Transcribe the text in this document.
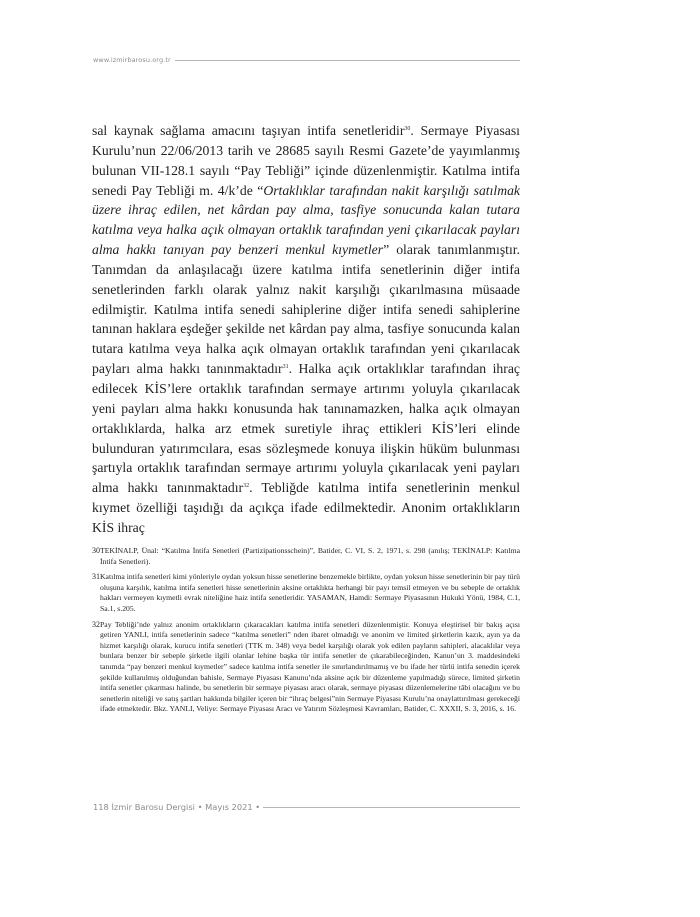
www.izmirbarosu.org.tr

sal kaynak sağlama amacını taşıyan intifa senetleridir$^{30}$. Sermaye Piyasası Kurulu’nun 22/06/2013 tarih ve 28685 sayılı Resmi Gazete’de yayımlanmış bulunan VII-128.1 sayılı “Pay Tebliği” içinde düzenlenmiştir. Katılma intifa senedi Pay Tebliği m. 4/k’de “Ortaklıklar tarafından nakit karşılığı satılmak üzere ihraç edilen, net kârdan pay alma, tasfiye sonucunda kalan tutara katılma veya halka açık olmayan ortaklık tarafından yeni çıkarılacak payları alma hakkı tanıyan pay benzeri menkul kıymetler” olarak tanımlanmıştır. Tanımdan da anlaşılacağı üzere katılma intifa senetlerinin diğer intifa senetlerinden farklı olarak yalnız nakit karşılığı çıkarılmasına müsaade edilmiştir. Katılma intifa senedi sahiplerine diğer intifa senedi sahiplerine tanınan haklara eşdeğer şekilde net kârdan pay alma, tasfiye sonucunda kalan tutara katılma veya halka açık olmayan ortaklık tarafından yeni çıkarılacak payları alma hakkı tanınmaktadır$^{31}$. Halka açık ortaklıklar tarafından ihraç edilecek KİS’lere ortaklık tarafından sermaye artırımı yoluyla çıkarılacak yeni payları alma hakkı konusunda hak tanınamazken, halka açık olmayan ortaklıklarda, halka arz etmek suretiyle ihraç ettikleri KİS’leri elinde bulunduran yatırımcılara, esas sözleşmede konuya ilişkin hüküm bulunması şartıyla ortaklık tarafından sermaye artırımı yoluyla çıkarılacak yeni payları alma hakkı tanınmaktadır$^{32}$. Tebliğde katılma intifa senetlerinin menkul kıymet özelliği taşıdığı da açıkça ifade edilmektedir. Anonim ortaklıkların KİS ihraç

30 TEKİNALP, Ünal: “Katılma İntifa Senetleri (Partizipationsschein)”, Batider, C. VI, S. 2, 1971, s. 298 (anılış; TEKİNALP: Katılma İntifa Senetleri).
31 Katılma intifa senetleri kimi yönleriyle oydan yoksun hisse senetlerine benzemekle birlikte, oydan yoksun hisse senetlerinin bir pay türü oluşuna karşılık, katılma intifa senetleri hisse senetlerinin aksine ortaklıkta herhangi bir payı temsil etmeyen ve bu sebeple de ortaklık hakları vermeyen kıymetli evrak niteliğine haiz intifa senetleridir. YASAMAN, Hamdi: Sermaye Piyasasının Hukuki Yönü, 1984, C.1, Sa.1, s.205.
32 Pay Tebliği’nde yalnız anonim ortaklıkların çıkaracakları katılma intifa senetleri düzenlenmiştir. Konuya eleştirisel bir bakış açısı getiren YANLI, intifa senetlerinin sadece “katılma senetleri” nden ibaret olmadığı ve anonim ve limited şirketlerin kazık, ayın ya da hizmet karşılığı olarak, kurucu intifa senetleri (TTK m. 348) veya bedel karşılığı olarak yok edilen payların sahipleri, alacaklılar veya bunlara benzer bir sebeple şirketle ilgili olanlar lehine başka tür intifa senetler de çıkarabileceğinden, Kanun’un 3. maddesindeki tanımda “pay benzeri menkul kıymetler” sadece katılma intifa senetler ile sınırlandırılmamış ve bu ifade her türlü intifa senedin içerek şekilde kullanılmış olduğundan bahisle, Sermaye Piyasası Kanunu’nda aksine açık bir düzenleme yapılmadığı sürece, limited şirketin intifa senetler çıkarması halinde, bu senetlerin bir sermaye piyasası aracı olarak, sermaye piyasası düzenlemelerine tâbi olacağını ve bu senetlerin niteliği ve satış şartları hakkında bilgiler içeren bir “ihraç belgesi”nin Sermaye Piyasası Kurulu’na onaylattırılması gerekeceği ifade etmektedir. Bkz. YANLI, Veliye: Sermaye Piyasası Aracı ve Yatırım Sözleşmesi Kavramları, Batider, C. XXXII, S. 3, 2016, s. 16.
118 İzmir Barosu Dergisi • Mayıs 2021 •
